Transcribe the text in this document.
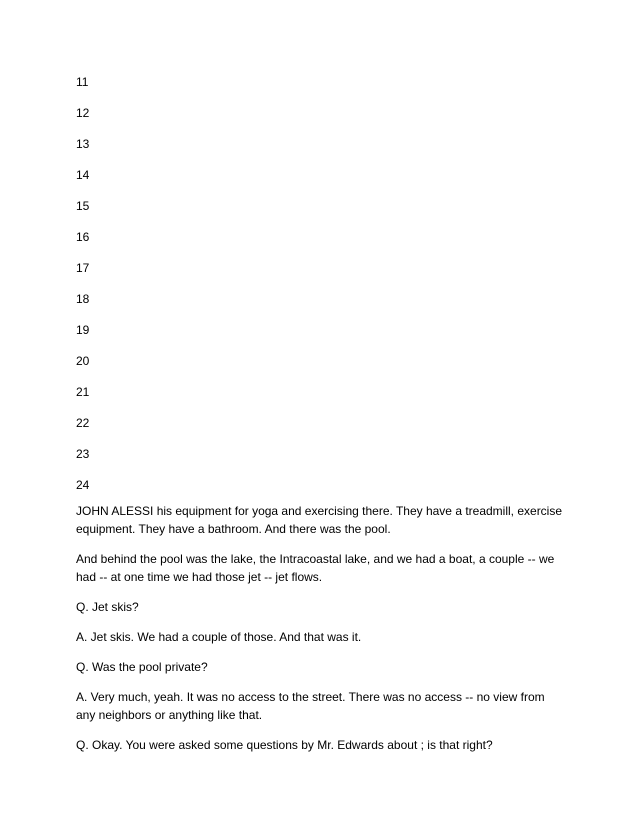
11
12
13
14
15
16
17
18
19
20
21
22
23
24

JOHN ALESSI his equipment for yoga and exercising there. They have a treadmill, exercise equipment. They have a bathroom. And there was the pool.

And behind the pool was the lake, the Intracoastal lake, and we had a boat, a couple -- we had -- at one time we had those jet -- jet flows.

Q. Jet skis?

A. Jet skis. We had a couple of those. And that was it.

Q. Was the pool private?

A. Very much, yeah. It was no access to the street. There was no access -- no view from any neighbors or anything like that.

Q. Okay. You were asked some questions by Mr. Edwards about ; is that right?
